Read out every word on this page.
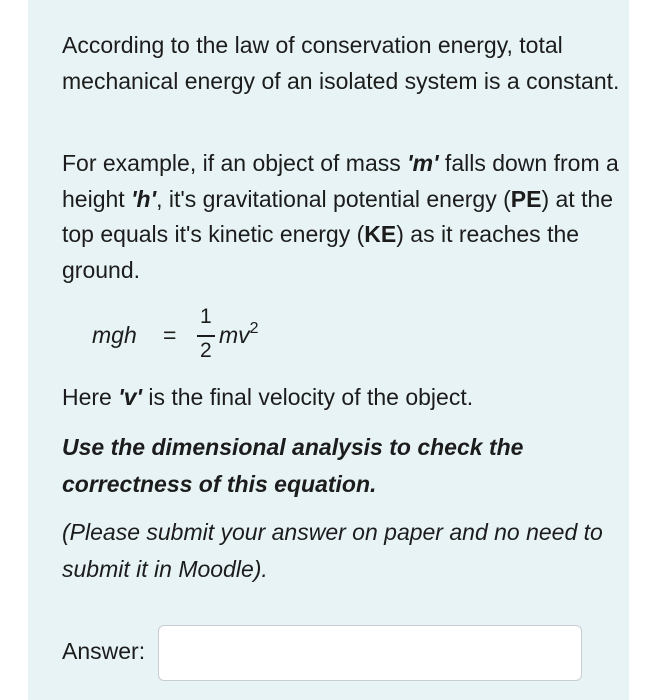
According to the law of conservation energy, total mechanical energy of an isolated system is a constant.

For example, if an object of mass 'm' falls down from a height 'h', it's gravitational potential energy (PE) at the top equals it's kinetic energy (KE) as it reaches the ground.

mgh =
1
2
$mv^2$

Here 'v' is the final velocity of the object.

Use the dimensional analysis to check the correctness of this equation.

(Please submit your answer on paper and no need to submit it in Moodle).

Answer:
